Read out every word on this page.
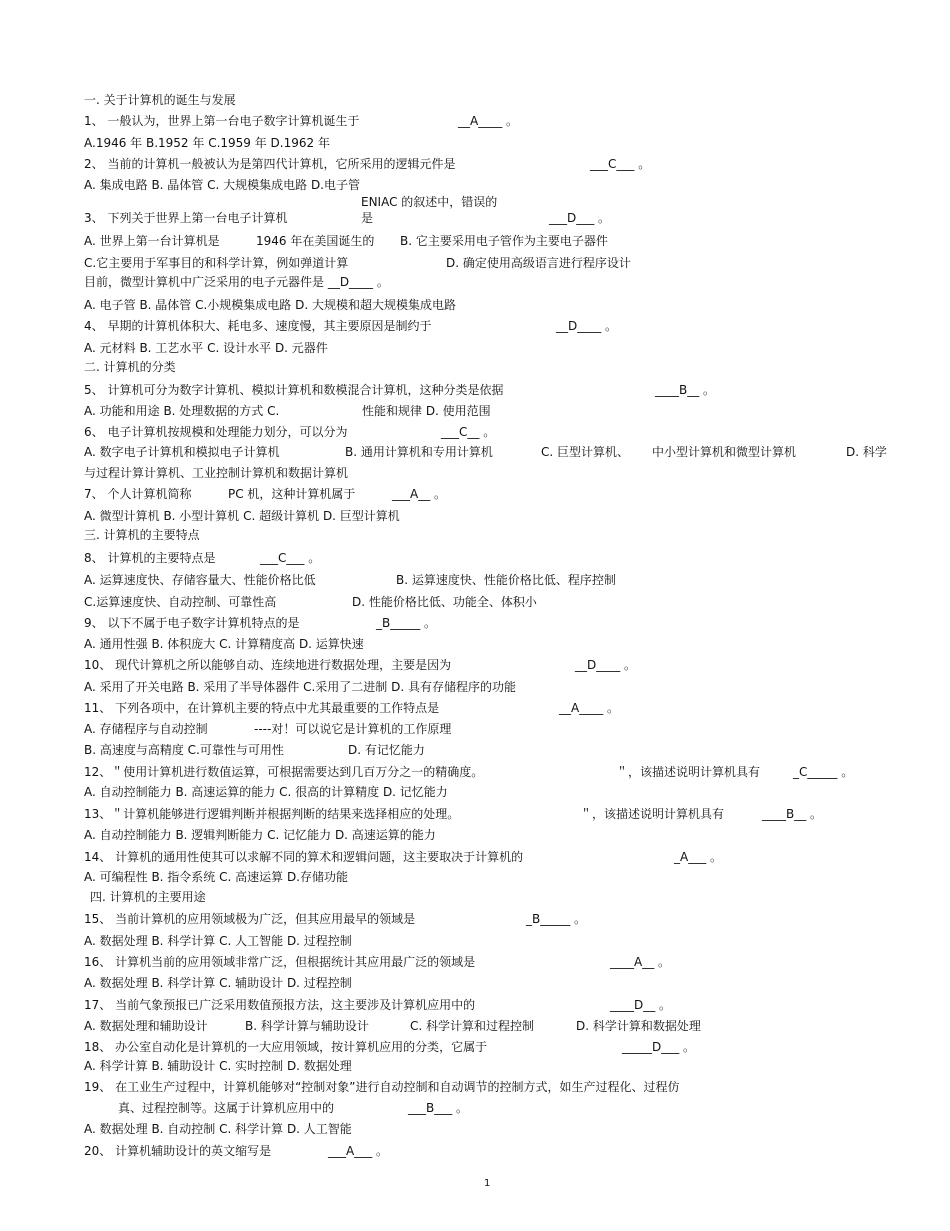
一. 关于计算机的诞生与发展
1、 一般认为，世界上第一台电子数字计算机诞生于	__A____ 。
A.1946 年 B.1952 年 C.1959 年 D.1962 年
2、 当前的计算机一般被认为是第四代计算机，它所采用的逻辑元件是	___C___ 。
A. 集成电路 B. 晶体管 C. 大规模集成电路 D.电子管
ENIAC 的叙述中，错误的
3、 下列关于世界上第一台电子计算机	是	___D___ 。
A. 世界上第一台计算机是	1946 年在美国诞生的 B. 它主要采用电子管作为主要电子器件
C.它主要用于军事目的和科学计算，例如弹道计算	D. 确定使用高级语言进行程序设计
目前，微型计算机中广泛采用的电子元器件是 __D____ 。
A. 电子管 B. 晶体管 C.小规模集成电路 D. 大规模和超大规模集成电路
4、 早期的计算机体积大、耗电多、速度慢，其主要原因是制约于	__D____ 。
A. 元材料 B. 工艺水平 C. 设计水平 D. 元器件
二. 计算机的分类
5、 计算机可分为数字计算机、模拟计算机和数模混合计算机，这种分类是依据	____B__ 。
A. 功能和用途 B. 处理数据的方式 C.	性能和规律 D. 使用范围
6、 电子计算机按规模和处理能力划分，可以分为	___C__ 。
A. 数字电子计算机和模拟电子计算机	B. 通用计算机和专用计算机	C. 巨型计算机、 中小型计算机和微型计算机	D. 科学
与过程计算计算机、工业控制计算机和数据计算机
7、 个人计算机简称	PC 机，这种计算机属于	___A__ 。
A. 微型计算机 B. 小型计算机 C. 超级计算机 D. 巨型计算机
三. 计算机的主要特点
8、 计算机的主要特点是	___C___ 。
A. 运算速度快、存储容量大、性能价格比低	B. 运算速度快、性能价格比低、程序控制
C.运算速度快、自动控制、可靠性高	D. 性能价格比低、功能全、体积小
9、 以下不属于电子数字计算机特点的是	_B_____ 。
A. 通用性强 B. 体积庞大 C. 计算精度高 D. 运算快速
10、 现代计算机之所以能够自动、连续地进行数据处理，主要是因为	__D____ 。
A. 采用了开关电路 B. 采用了半导体器件 C.采用了二进制 D. 具有存储程序的功能
11、 下列各项中，在计算机主要的特点中尤其最重要的工作特点是	__A____ 。
A. 存储程序与自动控制	----对！可以说它是计算机的工作原理
B. 高速度与高精度 C.可靠性与可用性	D. 有记忆能力
12、＂使用计算机进行数值运算，可根据需要达到几百万分之一的精确度。	＂，该描述说明计算机具有	_C_____ 。
A. 自动控制能力 B. 高速运算的能力 C. 很高的计算精度 D. 记忆能力
13、＂计算机能够进行逻辑判断并根据判断的结果来选择相应的处理。	＂，该描述说明计算机具有	____B__ 。
A. 自动控制能力 B. 逻辑判断能力 C. 记忆能力 D. 高速运算的能力
14、 计算机的通用性使其可以求解不同的算术和逻辑问题，这主要取决于计算机的	_A___ 。
A. 可编程性 B. 指令系统 C. 高速运算 D.存储功能
四. 计算机的主要用途
15、 当前计算机的应用领域极为广泛，但其应用最早的领域是	_B_____ 。
A. 数据处理 B. 科学计算 C. 人工智能 D. 过程控制
16、 计算机当前的应用领域非常广泛，但根据统计其应用最广泛的领域是	____A__ 。
A. 数据处理 B. 科学计算 C. 辅助设计 D. 过程控制
17、 当前气象预报已广泛采用数值预报方法，这主要涉及计算机应用中的	____D__ 。
A. 数据处理和辅助设计	B. 科学计算与辅助设计	C. 科学计算和过程控制	D. 科学计算和数据处理
18、 办公室自动化是计算机的一大应用领域，按计算机应用的分类，它属于	_____D___ 。
A. 科学计算 B. 辅助设计 C. 实时控制 D. 数据处理
19、 在工业生产过程中，计算机能够对“控制对象”进行自动控制和自动调节的控制方式，如生产过程化、过程仿
真、过程控制等。这属于计算机应用中的	___B___ 。
A. 数据处理 B. 自动控制 C. 科学计算 D. 人工智能
20、 计算机辅助设计的英文缩写是	___A___ 。
1
